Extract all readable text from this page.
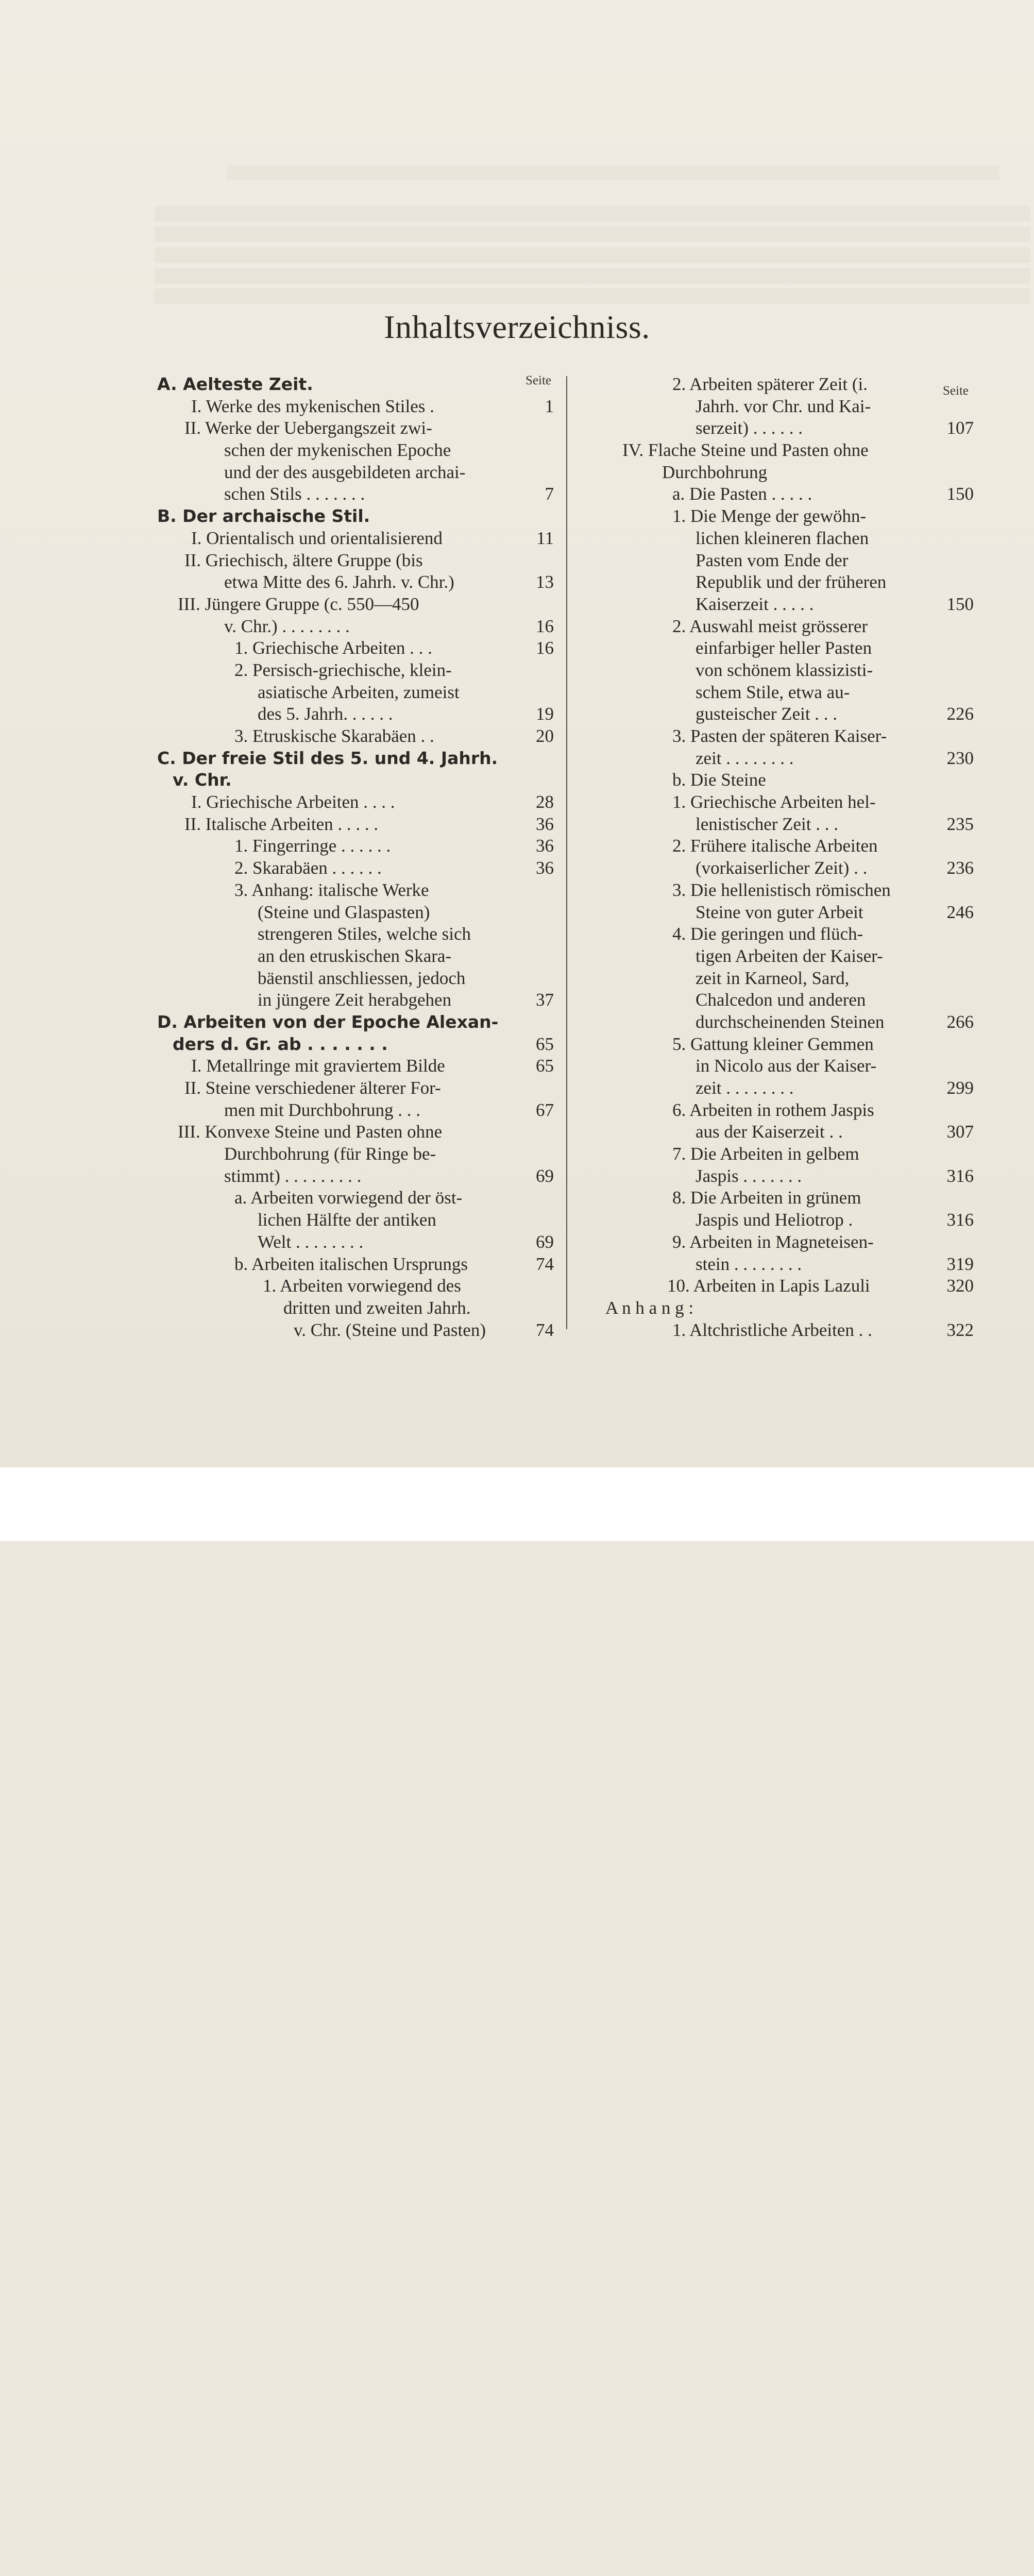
Inhaltsverzeichniss.
Seite
A. Aelteste Zeit.
I. Werke des mykenischen Stiles .	1
II. Werke der Uebergangszeit zwi-
schen der mykenischen Epoche
und der des ausgebildeten archai-
schen Stils . . . . . . .	7
B. Der archaische Stil.
I. Orientalisch und orientalisierend	11
II. Griechisch, ältere Gruppe (bis
etwa Mitte des 6. Jahrh. v. Chr.)	13
III. Jüngere Gruppe (c. 550—450
v. Chr.) . . . . . . . .	16
1. Griechische Arbeiten . . .	16
2. Persisch-griechische, klein-
asiatische Arbeiten, zumeist
des 5. Jahrh. . . . . .	19
3. Etruskische Skarabäen . .	20
C. Der freie Stil des 5. und 4. Jahrh.
v. Chr.
I. Griechische Arbeiten . . . .	28
II. Italische Arbeiten . . . . .	36
1. Fingerringe . . . . . .	36
2. Skarabäen . . . . . .	36
3. Anhang: italische Werke
(Steine und Glaspasten)
strengeren Stiles, welche sich
an den etruskischen Skara-
bäenstil anschliessen, jedoch
in jüngere Zeit herabgehen	37
D. Arbeiten von der Epoche Alexan-
ders d. Gr. ab . . . . . . .	65
I. Metallringe mit graviertem Bilde	65
II. Steine verschiedener älterer For-
men mit Durchbohrung . . .	67
III. Konvexe Steine und Pasten ohne
Durchbohrung (für Ringe be-
stimmt) . . . . . . . . .	69
a. Arbeiten vorwiegend der öst-
lichen Hälfte der antiken
Welt . . . . . . . .	69
b. Arbeiten italischen Ursprungs	74
1. Arbeiten vorwiegend des
dritten und zweiten Jahrh.
v. Chr. (Steine und Pasten)	74
Seite
2. Arbeiten späterer Zeit (i.
Jahrh. vor Chr. und Kai-
serzeit) . . . . . .	107
IV. Flache Steine und Pasten ohne
Durchbohrung
a. Die Pasten . . . . .	150
1. Die Menge der gewöhn-
lichen kleineren flachen
Pasten vom Ende der
Republik und der früheren
Kaiserzeit . . . . .	150
2. Auswahl meist grösserer
einfarbiger heller Pasten
von schönem klassizisti-
schem Stile, etwa au-
gusteischer Zeit . . .	226
3. Pasten der späteren Kaiser-
zeit . . . . . . . .	230
b. Die Steine
1. Griechische Arbeiten hel-
lenistischer Zeit . . .	235
2. Frühere italische Arbeiten
(vorkaiserlicher Zeit) . .	236
3. Die hellenistisch römischen
Steine von guter Arbeit	246
4. Die geringen und flüch-
tigen Arbeiten der Kaiser-
zeit in Karneol, Sard,
Chalcedon und anderen
durchscheinenden Steinen	266
5. Gattung kleiner Gemmen
in Nicolo aus der Kaiser-
zeit . . . . . . . .	299
6. Arbeiten in rothem Jaspis
aus der Kaiserzeit . .	307
7. Die Arbeiten in gelbem
Jaspis . . . . . . .	316
8. Die Arbeiten in grünem
Jaspis und Heliotrop .	316
9. Arbeiten in Magneteisen-
stein . . . . . . . .	319
10. Arbeiten in Lapis Lazuli	320
A n h a n g :
1. Altchristliche Arbeiten . .	322
